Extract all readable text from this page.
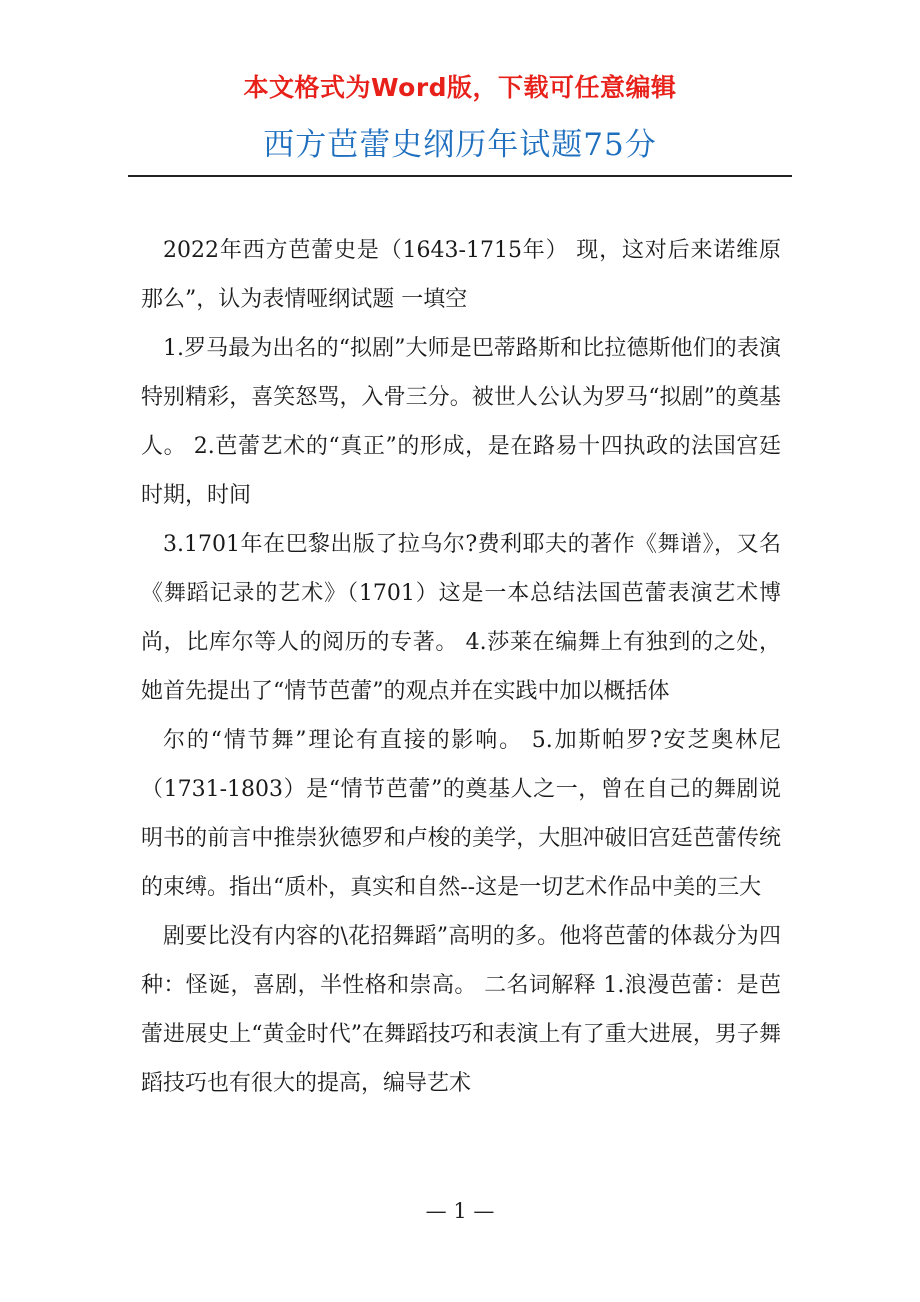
本文格式为Word版，下载可任意编辑
西方芭蕾史纲历年试题75分

2022年西方芭蕾史是（1643-1715年） 现，这对后来诺维原那么”，认为表情哑纲试题 一填空

1.罗马最为出名的“拟剧”大师是巴蒂路斯和比拉德斯他们的表演特别精彩，喜笑怒骂，入骨三分。被世人公认为罗马“拟剧”的奠基人。 2.芭蕾艺术的“真正”的形成，是在路易十四执政的法国宫廷时期，时间

3.1701年在巴黎出版了拉乌尔?费利耶夫的著作《舞谱》，又名《舞蹈记录的艺术》（1701）这是一本总结法国芭蕾表演艺术博尚，比库尔等人的阅历的专著。 4.莎莱在编舞上有独到的之处，她首先提出了“情节芭蕾”的观点并在实践中加以概括体

尔的“情节舞”理论有直接的影响。 5.加斯帕罗?安芝奥林尼（1731-1803）是“情节芭蕾”的奠基人之一，曾在自己的舞剧说明书的前言中推崇狄德罗和卢梭的美学，大胆冲破旧宫廷芭蕾传统的束缚。指出“质朴，真实和自然--这是一切艺术作品中美的三大

剧要比没有内容的\花招舞蹈”高明的多。他将芭蕾的体裁分为四种：怪诞，喜剧，半性格和崇高。 二名词解释 1.浪漫芭蕾：是芭蕾进展史上“黄金时代”在舞蹈技巧和表演上有了重大进展，男子舞蹈技巧也有很大的提高，编导艺术

— 1 —
